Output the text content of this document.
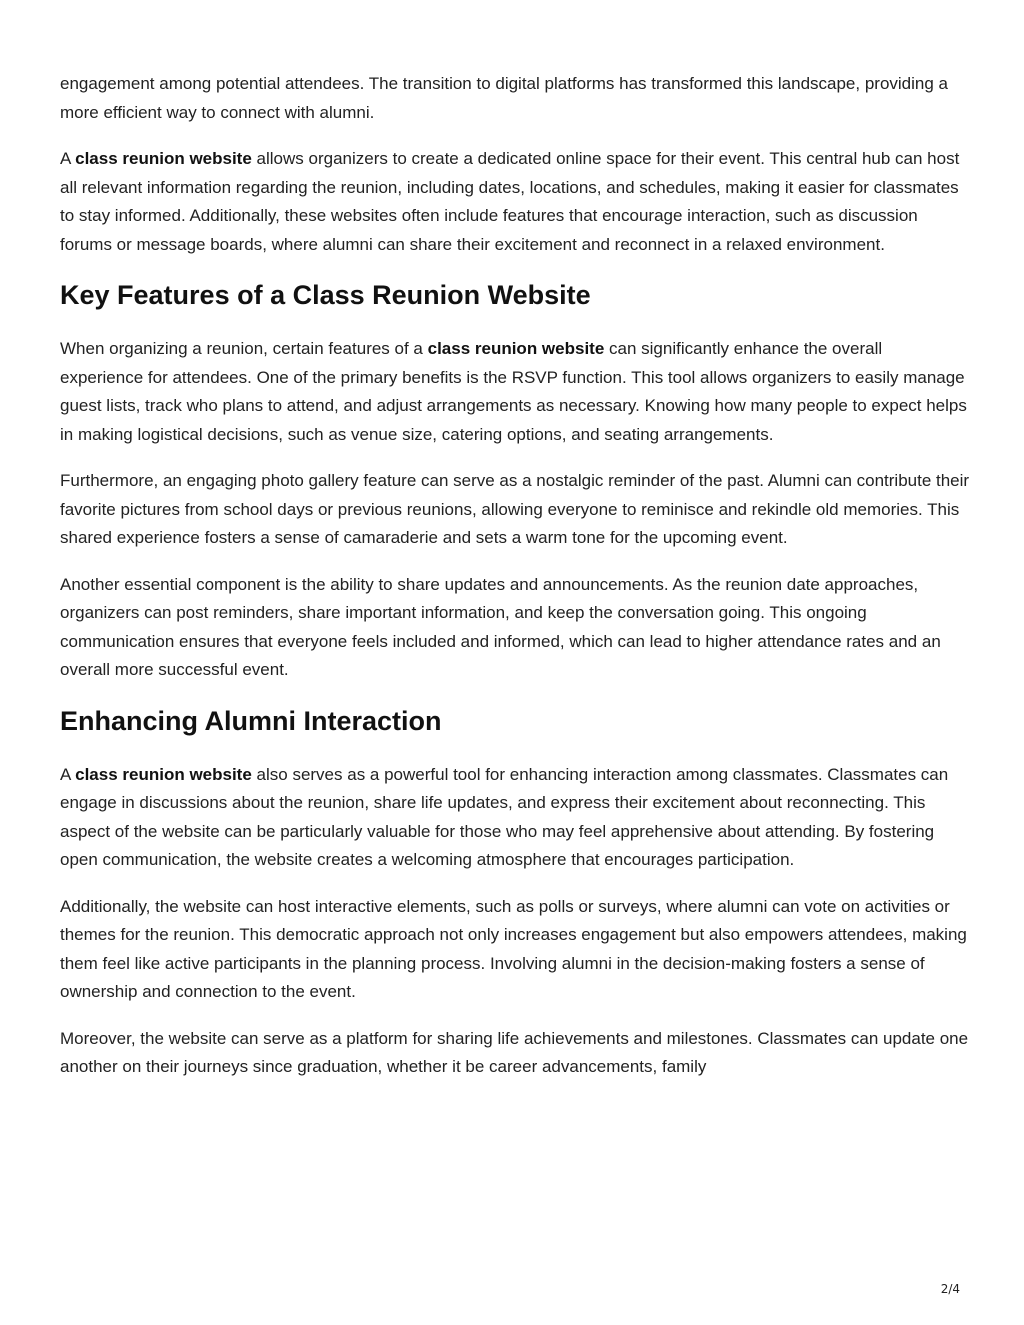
engagement among potential attendees. The transition to digital platforms has transformed this landscape, providing a more efficient way to connect with alumni.

A class reunion website allows organizers to create a dedicated online space for their event. This central hub can host all relevant information regarding the reunion, including dates, locations, and schedules, making it easier for classmates to stay informed. Additionally, these websites often include features that encourage interaction, such as discussion forums or message boards, where alumni can share their excitement and reconnect in a relaxed environment.

Key Features of a Class Reunion Website

When organizing a reunion, certain features of a class reunion website can significantly enhance the overall experience for attendees. One of the primary benefits is the RSVP function. This tool allows organizers to easily manage guest lists, track who plans to attend, and adjust arrangements as necessary. Knowing how many people to expect helps in making logistical decisions, such as venue size, catering options, and seating arrangements.

Furthermore, an engaging photo gallery feature can serve as a nostalgic reminder of the past. Alumni can contribute their favorite pictures from school days or previous reunions, allowing everyone to reminisce and rekindle old memories. This shared experience fosters a sense of camaraderie and sets a warm tone for the upcoming event.

Another essential component is the ability to share updates and announcements. As the reunion date approaches, organizers can post reminders, share important information, and keep the conversation going. This ongoing communication ensures that everyone feels included and informed, which can lead to higher attendance rates and an overall more successful event.

Enhancing Alumni Interaction

A class reunion website also serves as a powerful tool for enhancing interaction among classmates. Classmates can engage in discussions about the reunion, share life updates, and express their excitement about reconnecting. This aspect of the website can be particularly valuable for those who may feel apprehensive about attending. By fostering open communication, the website creates a welcoming atmosphere that encourages participation.

Additionally, the website can host interactive elements, such as polls or surveys, where alumni can vote on activities or themes for the reunion. This democratic approach not only increases engagement but also empowers attendees, making them feel like active participants in the planning process. Involving alumni in the decision-making fosters a sense of ownership and connection to the event.

Moreover, the website can serve as a platform for sharing life achievements and milestones. Classmates can update one another on their journeys since graduation, whether it be career advancements, family

2/4
